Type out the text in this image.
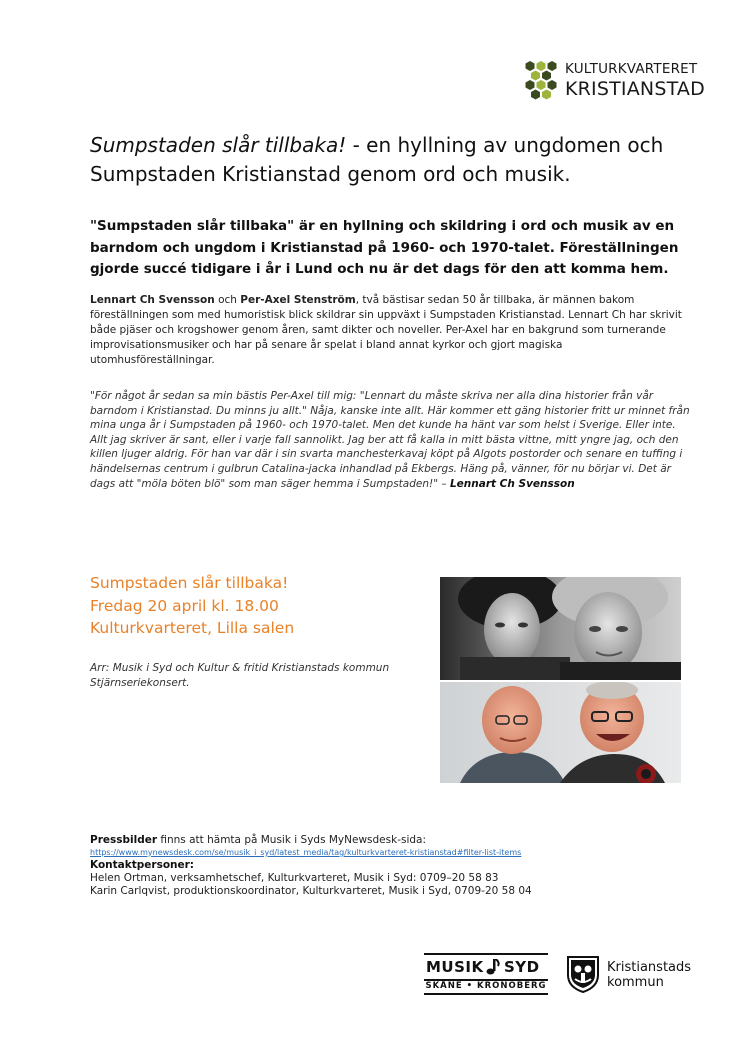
KULTURKVARTERET
KRISTIANSTAD
Sumpstaden slår tillbaka! - en hyllning av ungdomen och Sumpstaden Kristianstad genom ord och musik.
"Sumpstaden slår tillbaka" är en hyllning och skildring i ord och musik av en barndom och ungdom i Kristianstad på 1960- och 1970-talet. Föreställningen gjorde succé tidigare i år i Lund och nu är det dags för den att komma hem.
Lennart Ch Svensson och Per-Axel Stenström, två bästisar sedan 50 år tillbaka, är männen bakom föreställningen som med humoristisk blick skildrar sin uppväxt i Sumpstaden Kristianstad. Lennart Ch har skrivit både pjäser och krogshower genom åren, samt dikter och noveller. Per-Axel har en bakgrund som turnerande improvisationsmusiker och har på senare år spelat i bland annat kyrkor och gjort magiska utomhusföreställningar.
"För något år sedan sa min bästis Per-Axel till mig: "Lennart du måste skriva ner alla dina historier från vår barndom i Kristianstad. Du minns ju allt." Nåja, kanske inte allt. Här kommer ett gäng historier fritt ur minnet från mina unga år i Sumpstaden på 1960- och 1970-talet. Men det kunde ha hänt var som helst i Sverige. Eller inte. Allt jag skriver är sant, eller i varje fall sannolikt. Jag ber att få kalla in mitt bästa vittne, mitt yngre jag, och den killen ljuger aldrig. För han var där i sin svarta manchesterkavaj köpt på Algots postorder och senare en tuffing i händelsernas centrum i gulbrun Catalina-jacka inhandlad på Ekbergs. Häng på, vänner, för nu börjar vi. Det är dags att "möla böten blö" som man säger hemma i Sumpstaden!" – Lennart Ch Svensson
Sumpstaden slår tillbaka!
Fredag 20 april kl. 18.00
Kulturkvarteret, Lilla salen
Arr: Musik i Syd och Kultur & fritid Kristianstads kommun
Stjärnseriekonsert.
Pressbilder finns att hämta på Musik i Syds MyNewsdesk-sida:
https://www.mynewsdesk.com/se/musik_i_syd/latest_media/tag/kulturkvarteret-kristianstad#filter-list-items
Kontaktpersoner:
Helen Ortman, verksamhetschef, Kulturkvarteret, Musik i Syd: 0709–20 58 83
Karin Carlqvist, produktionskoordinator, Kulturkvarteret, Musik i Syd, 0709-20 58 04
MUSIK SYD
SKÅNE • KRONOBERG
Kristianstads
kommun
